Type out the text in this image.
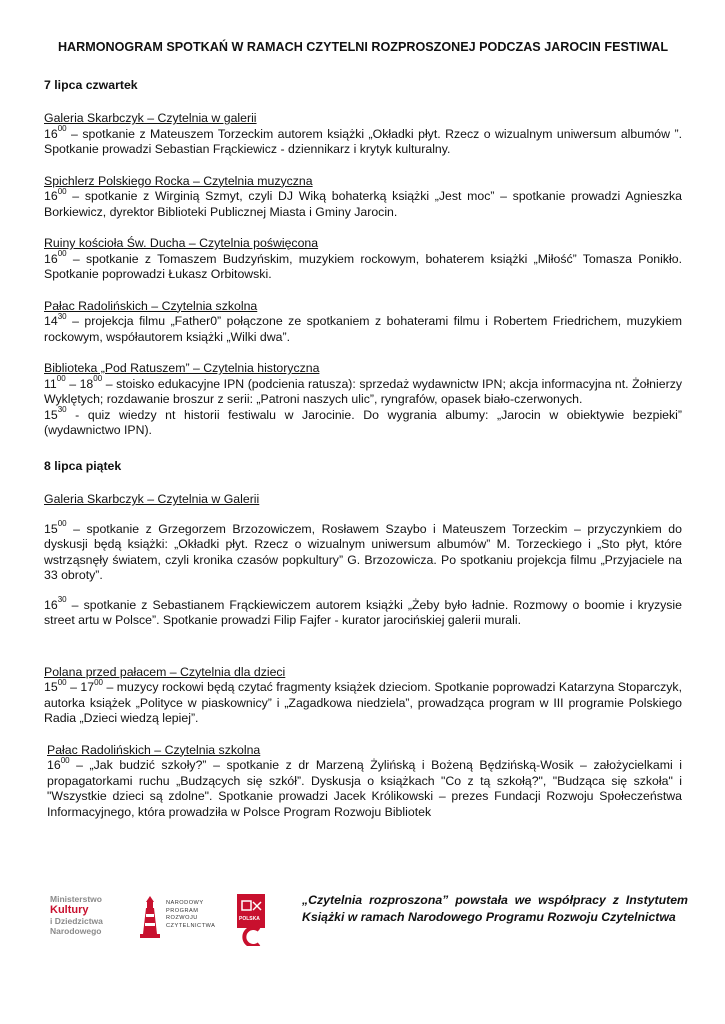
HARMONOGRAM SPOTKAŃ W RAMACH CZYTELNI ROZPROSZONEJ PODCZAS JAROCIN FESTIWAL
7 lipca czwartek
Galeria Skarbczyk – Czytelnia w galerii
$16^{00}$ – spotkanie z Mateuszem Torzeckim autorem książki „Okładki płyt. Rzecz o wizualnym uniwersum albumów ”. Spotkanie prowadzi Sebastian Frąckiewicz - dziennikarz i krytyk kulturalny.
Spichlerz Polskiego Rocka – Czytelnia muzyczna
$16^{00}$ – spotkanie z Wirginią Szmyt, czyli DJ Wiką bohaterką książki „Jest moc” – spotkanie prowadzi Agnieszka Borkiewicz, dyrektor Biblioteki Publicznej Miasta i Gminy Jarocin.
Ruiny kościoła Św. Ducha – Czytelnia poświęcona
$16^{00}$ – spotkanie z Tomaszem Budzyńskim, muzykiem rockowym, bohaterem książki „Miłość” Tomasza Ponikło. Spotkanie poprowadzi Łukasz Orbitowski.
Pałac Radolińskich – Czytelnia szkolna
$14^{30}$ – projekcja filmu „Father0” połączone ze spotkaniem z bohaterami filmu i Robertem Friedrichem, muzykiem rockowym, współautorem książki „Wilki dwa”.
Biblioteka „Pod Ratuszem” – Czytelnia historyczna
$11^{00} - 18^{00}$ – stoisko edukacyjne IPN (podcienia ratusza): sprzedaż wydawnictw IPN; akcja informacyjna nt. Żołnierzy Wyklętych; rozdawanie broszur z serii: „Patroni naszych ulic”, ryngrafów, opasek biało-czerwonych.
$15^{30}$ - quiz wiedzy nt historii festiwalu w Jarocinie. Do wygrania albumy: „Jarocin w obiektywie bezpieki” (wydawnictwo IPN).
8 lipca piątek
Galeria Skarbczyk – Czytelnia w Galerii
$15^{00}$ – spotkanie z Grzegorzem Brzozowiczem, Rosławem Szaybo i Mateuszem Torzeckim – przyczynkiem do dyskusji będą książki: „Okładki płyt. Rzecz o wizualnym uniwersum albumów” M. Torzeckiego i „Sto płyt, które wstrząsnęły światem, czyli kronika czasów popkultury” G. Brzozowicza. Po spotkaniu projekcja filmu „Przyjaciele na 33 obroty”.
$16^{30}$ – spotkanie z Sebastianem Frąckiewiczem autorem książki „Żeby było ładnie. Rozmowy o boomie i kryzysie street artu w Polsce”. Spotkanie prowadzi Filip Fajfer - kurator jarocińskiej galerii murali.
Polana przed pałacem – Czytelnia dla dzieci
$15^{00} - 17^{00}$ – muzycy rockowi będą czytać fragmenty książek dzieciom. Spotkanie poprowadzi Katarzyna Stoparczyk, autorka książek „Polityce w piaskownicy” i „Zagadkowa niedziela”, prowadząca program w III programie Polskiego Radia „Dzieci wiedzą lepiej”.
Pałac Radolińskich – Czytelnia szkolna
$16^{00}$ – „Jak budzić szkoły?” – spotkanie z dr Marzeną Żylińską i Bożeną Będzińską-Wosik – założycielkami i propagatorkami ruchu „Budzących się szkół”. Dyskusja o książkach "Co z tą szkołą?", "Budząca się szkoła" i "Wszystkie dzieci są zdolne". Spotkanie prowadzi Jacek Królikowski – prezes Fundacji Rozwoju Społeczeństwa Informacyjnego, która prowadziła w Polsce Program Rozwoju Bibliotek
Ministerstwo
Kultury
i Dziedzictwa
Narodowego
NARODOWY
PROGRAM
ROZWOJU
CZYTELNICTWA
POLSKA
„Czytelnia rozproszona” powstała we współpracy z Instytutem Książki w ramach Narodowego Programu Rozwoju Czytelnictwa
